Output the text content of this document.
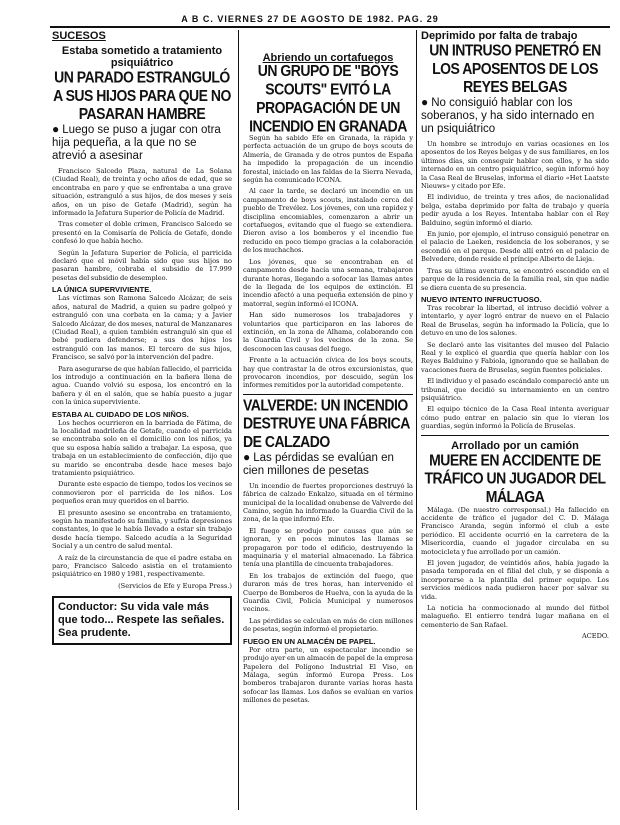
A B C. VIERNES 27 DE AGOSTO DE 1982. PAG. 29
SUCESOS
Estaba sometido a tratamiento psiquiátrico
UN PARADO ESTRANGULÓ A SUS HIJOS PARA QUE NO PASARAN HAMBRE
● Luego se puso a jugar con otra hija pequeña, a la que no se atrevió a asesinar

Francisco Salcedo Plaza, natural de La Solana (Ciudad Real), de treinta y ocho años de edad, que se encontraba en paro y que se enfrentaba a una grave situación, estranguló a sus hijos, de dos meses y seis años, en un piso de Getafe (Madrid), según ha informado la Jefatura Superior de Policía de Madrid.

Tras cometer el doble crimen, Francisco Salcedo se presentó en la Comisaría de Policía de Getafe, donde confesó lo que había hecho.

Según la Jefatura Superior de Policía, el parricida declaró que el móvil había sido que sus hijos no pasaran hambre, cobraba el subsidio de 17.999 pesetas del subsidio de desempleo.

LA ÚNICA SUPERVIVIENTE.

Las víctimas son Ramona Salcedo Alcázar, de seis años, natural de Madrid, a quien su padre golpeó y estranguló con una corbata en la cama; y a Javier Salcedo Alcázar, de dos meses, natural de Manzanares (Ciudad Real), a quien también estranguló sin que el bebé pudiera defenderse; a sus dos hijos los estranguló con las manos. El tercero de sus hijos, Francisco, se salvó por la intervención del padre.

Para asegurarse de que habían fallecido, el parricida los introdujo a continuación en la bañera llena de agua. Cuando volvió su esposa, los encontró en la bañera y él en el salón, que se había puesto a jugar con la única superviviente.

ESTABA AL CUIDADO DE LOS NIÑOS.

Los hechos ocurrieron en la barriada de Fátima, de la localidad madrileña de Getafe, cuando el parricida se encontraba solo en el domicilio con los niños, ya que su esposa había salido a trabajar. La esposa, que trabaja en un establecimiento de confección, dijo que su marido se encontraba desde hace meses bajo tratamiento psiquiátrico.

Durante este espacio de tiempo, todos los vecinos se conmovieron por el parricida de los niños. Los pequeños eran muy queridos en el barrio.

El presunto asesino se encontraba en tratamiento, según ha manifestado su familia, y sufría depresiones constantes, lo que le había llevado a estar sin trabajo desde hacía tiempo. Salcedo acudía a la Seguridad Social y a un centro de salud mental.

A raíz de la circunstancia de que el padre estaba en paro, Francisco Salcedo asistía en el tratamiento psiquiátrico en 1980 y 1981, respectivamente.

(Servicios de Efe y Europa Press.)
Conductor: Su vida vale más que todo... Respete las señales. Sea prudente.
Abriendo un cortafuegos
UN GRUPO DE "BOYS SCOUTS" EVITÓ LA PROPAGACIÓN DE UN INCENDIO EN GRANADA

Según ha sabido Efe en Granada, la rápida y perfecta actuación de un grupo de boys scouts de Almería, de Granada y de otros puntos de España ha impedido la propagación de un incendio forestal, iniciado en las faldas de la Sierra Nevada, según ha comunicado ICONA.

Al caer la tarde, se declaró un incendio en un campamento de boys scouts, instalado cerca del pueblo de Trevélez. Los jóvenes, con una rapidez y disciplina encomiables, comenzaron a abrir un cortafuegos, evitando que el fuego se extendiera. Dieron aviso a los bomberos y el incendio fue reducido en poco tiempo gracias a la colaboración de los muchachos.

Los jóvenes, que se encontraban en el campamento desde hacía una semana, trabajaron durante horas, llegando a sofocar las llamas antes de la llegada de los equipos de extinción. El incendio afectó a una pequeña extensión de pino y matorral, según informó el ICONA.

Han sido numerosos los trabajadores y voluntarios que participaron en las labores de extinción, en la zona de Alhama, colaborando con la Guardia Civil y los vecinos de la zona. Se desconocen las causas del fuego.

Frente a la actuación cívica de los boys scouts, hay que contrastar la de otros excursionistas, que provocaron incendios, por descuido, según los informes remitidos por la autoridad competente.

VALVERDE: UN INCENDIO DESTRUYE UNA FÁBRICA DE CALZADO
● Las pérdidas se evalúan en cien millones de pesetas

Un incendio de fuertes proporciones destruyó la fábrica de calzado Enkalzo, situada en el término municipal de la localidad onubense de Valverde del Camino, según ha informado la Guardia Civil de la zona, de la que informó Efe.

El fuego se produjo por causas que aún se ignoran, y en pocos minutos las llamas se propagaron por todo el edificio, destruyendo la maquinaria y el material almacenado. La fábrica tenía una plantilla de cincuenta trabajadores.

En los trabajos de extinción del fuego, que duraron más de tres horas, han intervenido el Cuerpo de Bomberos de Huelva, con la ayuda de la Guardia Civil, Policía Municipal y numerosos vecinos.

Las pérdidas se calculan en más de cien millones de pesetas, según informó el propietario.

FUEGO EN UN ALMACÉN DE PAPEL.

Por otra parte, un espectacular incendio se produjo ayer en un almacén de papel de la empresa Papelera del Polígono Industrial El Viso, en Málaga, según informó Europa Press. Los bomberos trabajaron durante varias horas hasta sofocar las llamas. Los daños se evalúan en varios millones de pesetas.

Deprimido por falta de trabajo
UN INTRUSO PENETRÓ EN LOS APOSENTOS DE LOS REYES BELGAS
● No consiguió hablar con los soberanos, y ha sido internado en un psiquiátrico

Un hombre se introdujo en varias ocasiones en los aposentos de los Reyes belgas y de sus familiares, en los últimos días, sin conseguir hablar con ellos, y ha sido internado en un centro psiquiátrico, según informó hoy la Casa Real de Bruselas, informa el diario «Het Laatste Nieuws» y citado por Efe.

El individuo, de treinta y tres años, de nacionalidad belga, estaba deprimido por falta de trabajo y quería pedir ayuda a los Reyes. Intentaba hablar con el Rey Balduino, según informó el diario.

En junio, por ejemplo, el intruso consiguió penetrar en el palacio de Laeken, residencia de los soberanos, y se escondió en el parque. Desde allí entró en el palacio de Belvedere, donde reside el príncipe Alberto de Lieja.

Tras su última aventura, se encontró escondido en el parque de la residencia de la familia real, sin que nadie se diera cuenta de su presencia.

NUEVO INTENTO INFRUCTUOSO.

Tras recobrar la libertad, el intruso decidió volver a intentarlo, y ayer logró entrar de nuevo en el Palacio Real de Bruselas, según ha informado la Policía, que lo detuvo en uno de los salones.

Se declaró ante las visitantes del museo del Palacio Real y le explicó el guardia que quería hablar con los Reyes Balduino y Fabiola, ignorando que se hallaban de vacaciones fuera de Bruselas, según fuentes policiales.

El individuo y el pasado escándalo compareció ante un tribunal, que decidió su internamiento en un centro psiquiátrico.

El equipo técnico de la Casa Real intenta averiguar cómo pudo entrar en palacio sin que lo vieran los guardias, según informó la Policía de Bruselas.

Arrollado por un camión
MUERE EN ACCIDENTE DE TRÁFICO UN JUGADOR DEL MÁLAGA

Málaga. (De nuestro corresponsal.) Ha fallecido en accidente de tráfico el jugador del C. D. Málaga Francisco Aranda, según informó el club a este periódico. El accidente ocurrió en la carretera de la Misericordia, cuando el jugador circulaba en su motocicleta y fue arrollado por un camión.

El joven jugador, de veintidós años, había jugado la pasada temporada en el filial del club, y se disponía a incorporarse a la plantilla del primer equipo. Los servicios médicos nada pudieron hacer por salvar su vida.

La noticia ha conmocionado al mundo del fútbol malagueño. El entierro tendrá lugar mañana en el cementerio de San Rafael.

ACEDO.
